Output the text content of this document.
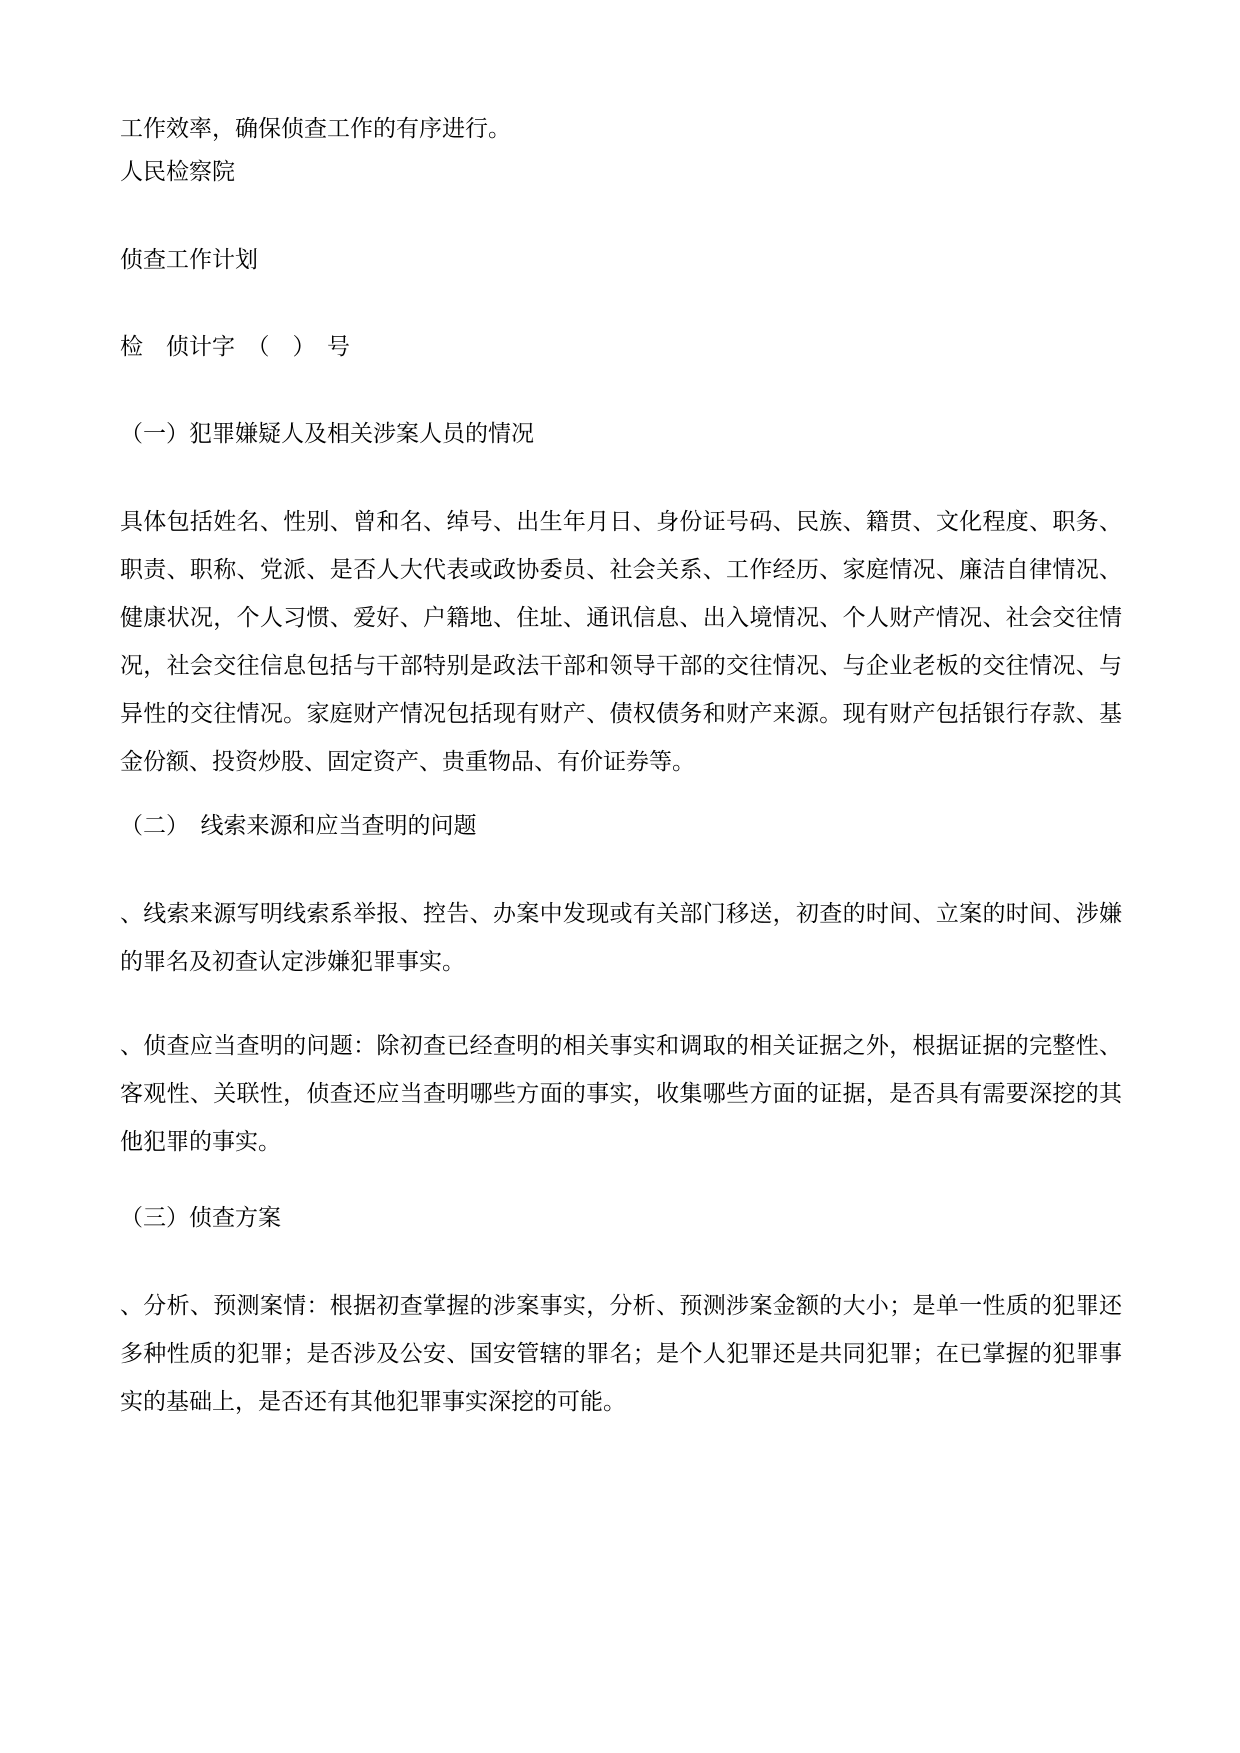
工作效率，确保侦查工作的有序进行。
人民检察院
侦查工作计划
检　侦计字　（　）　号
（一）犯罪嫌疑人及相关涉案人员的情况
具体包括姓名、性别、曾和名、绰号、出生年月日、身份证号码、民族、籍贯、文化程度、职务、职责、职称、党派、是否人大代表或政协委员、社会关系、工作经历、家庭情况、廉洁自律情况、健康状况，个人习惯、爱好、户籍地、住址、通讯信息、出入境情况、个人财产情况、社会交往情况，社会交往信息包括与干部特别是政法干部和领导干部的交往情况、与企业老板的交往情况、与异性的交往情况。家庭财产情况包括现有财产、债权债务和财产来源。现有财产包括银行存款、基金份额、投资炒股、固定资产、贵重物品、有价证券等。
（二）　线索来源和应当查明的问题
、线索来源写明线索系举报、控告、办案中发现或有关部门移送，初查的时间、立案的时间、涉嫌的罪名及初查认定涉嫌犯罪事实。
、侦查应当查明的问题：除初查已经查明的相关事实和调取的相关证据之外，根据证据的完整性、客观性、关联性，侦查还应当查明哪些方面的事实，收集哪些方面的证据，是否具有需要深挖的其他犯罪的事实。
（三）侦查方案
、分析、预测案情：根据初查掌握的涉案事实，分析、预测涉案金额的大小；是单一性质的犯罪还多种性质的犯罪；是否涉及公安、国安管辖的罪名；是个人犯罪还是共同犯罪；在已掌握的犯罪事实的基础上，是否还有其他犯罪事实深挖的可能。
